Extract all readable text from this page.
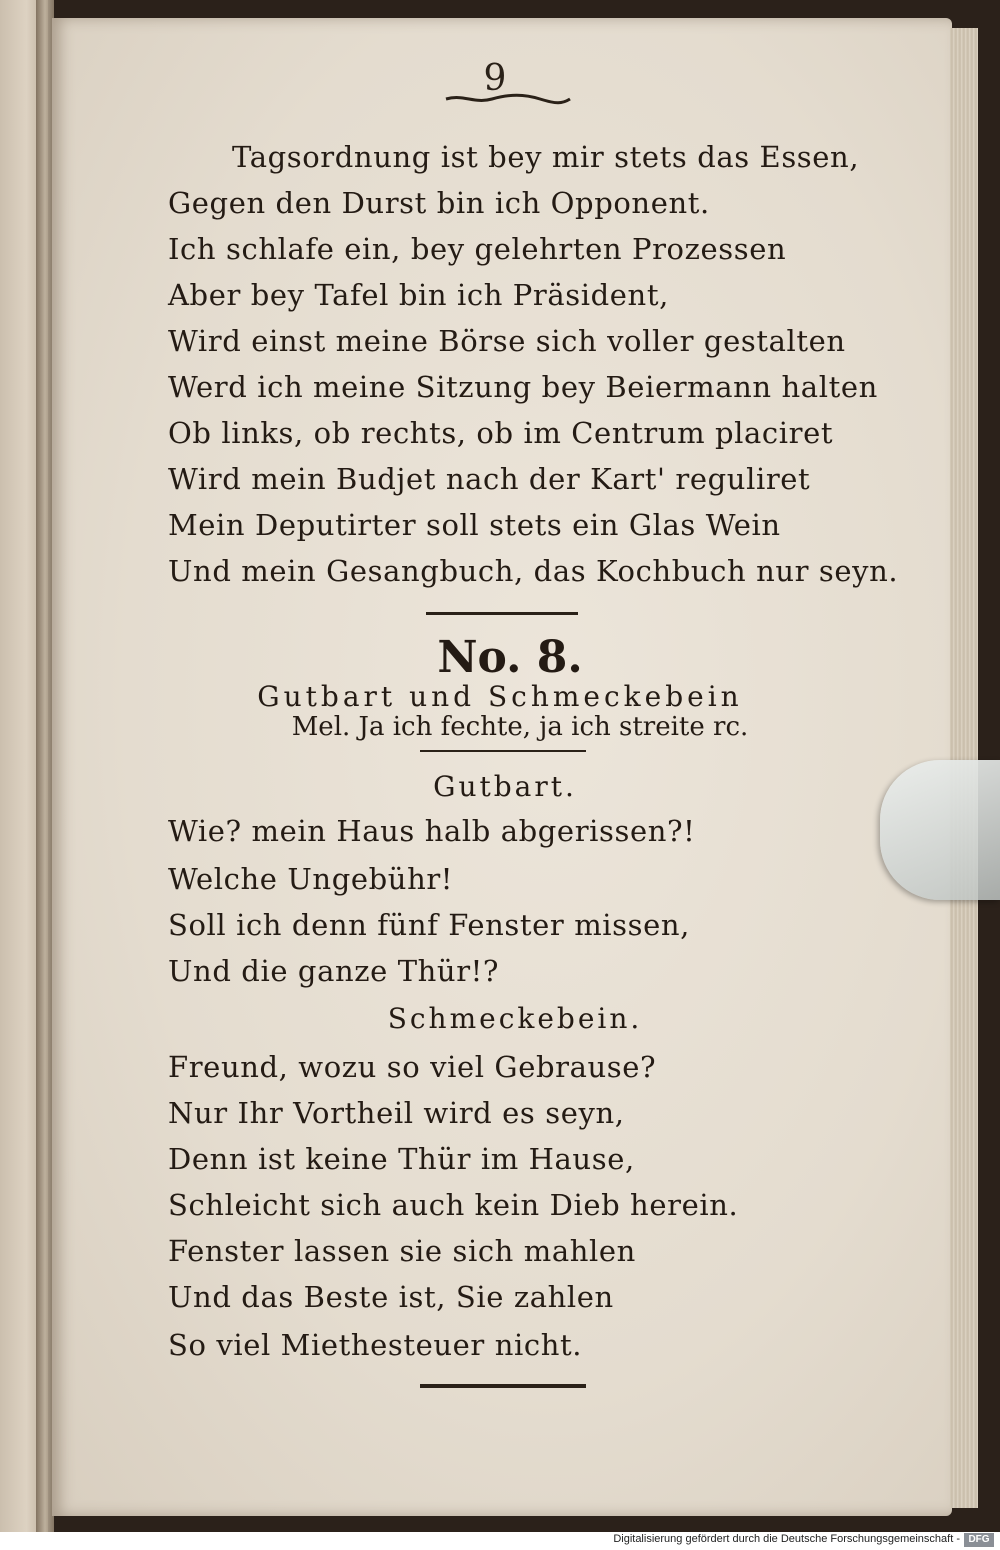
9
Tagsordnung ist bey mir stets das Essen,
Gegen den Durst bin ich Opponent.
Ich schlafe ein, bey gelehrten Prozessen
Aber bey Tafel bin ich Präsident,
Wird einst meine Börse sich voller gestalten
Werd ich meine Sitzung bey Beiermann halten
Ob links, ob rechts, ob im Centrum placiret
Wird mein Budjet nach der Kart' reguliret
Mein Deputirter soll stets ein Glas Wein
Und mein Gesangbuch, das Kochbuch nur seyn.
No. 8.
Gutbart und Schmeckebein
Mel. Ja ich fechte, ja ich streite rc.
Gutbart.
Wie? mein Haus halb abgerissen?!
Welche Ungebühr!
Soll ich denn fünf Fenster missen,
Und die ganze Thür!?
Schmeckebein.
Freund, wozu so viel Gebrause?
Nur Ihr Vortheil wird es seyn,
Denn ist keine Thür im Hause,
Schleicht sich auch kein Dieb herein.
Fenster lassen sie sich mahlen
Und das Beste ist, Sie zahlen
So viel Miethesteuer nicht.
Digitalisierung gefördert durch die Deutsche Forschungsgemeinschaft - DFG
